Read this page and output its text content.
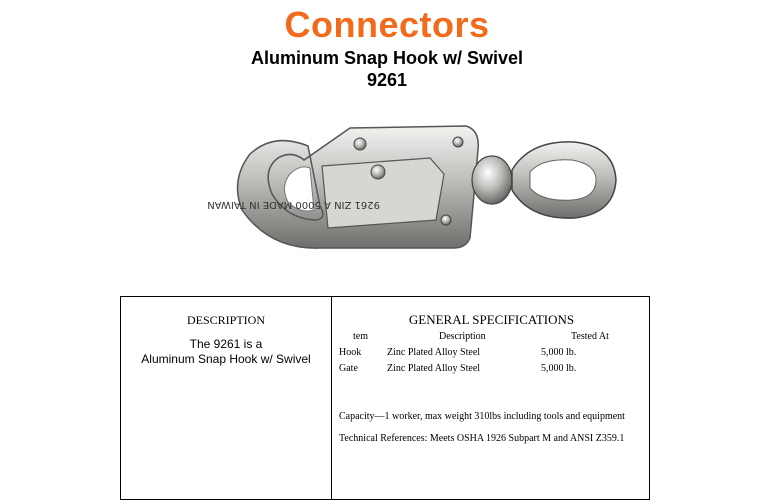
Connectors
Aluminum Snap Hook w/ Swivel
9261
9261 ZIN A 5000 MADE IN TAIWAN
DESCRIPTION
The 9261 is a
Aluminum Snap Hook w/ Swivel
GENERAL SPECIFICATIONS
tem	Description	Tested At
Hook	Zinc Plated Alloy Steel	5,000 lb.
Gate	Zinc Plated Alloy Steel	5,000 lb.
Capacity—1 worker, max weight 310lbs including tools and equipment
Technical References: Meets OSHA 1926 Subpart M and ANSI Z359.1
